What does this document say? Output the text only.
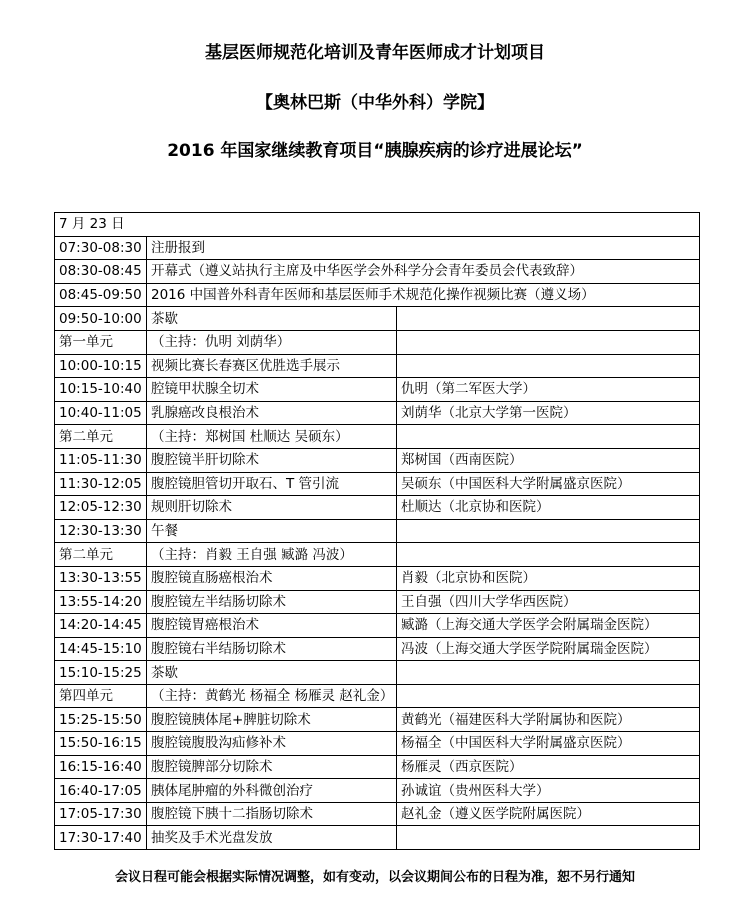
基层医师规范化培训及青年医师成才计划项目
【奥林巴斯（中华外科）学院】
2016 年国家继续教育项目“胰腺疾病的诊疗进展论坛”
7 月 23 日		
07:30-08:30	注册报到	
08:30-08:45	开幕式（遵义站执行主席及中华医学会外科学分会青年委员会代表致辞）	
08:45-09:50	2016 中国普外科青年医师和基层医师手术规范化操作视频比赛（遵义场）	
09:50-10:00	茶歇	
第一单元	（主持：仇明 刘荫华）	
10:00-10:15	视频比赛长春赛区优胜选手展示	
10:15-10:40	腔镜甲状腺全切术	仇明（第二军医大学）
10:40-11:05	乳腺癌改良根治术	刘荫华（北京大学第一医院）
第二单元	（主持：郑树国 杜顺达 吴硕东）	
11:05-11:30	腹腔镜半肝切除术	郑树国（西南医院）
11:30-12:05	腹腔镜胆管切开取石、T 管引流	吴硕东（中国医科大学附属盛京医院）
12:05-12:30	规则肝切除术	杜顺达（北京协和医院）
12:30-13:30	午餐	
第二单元	（主持：肖毅 王自强 臧潞 冯波）	
13:30-13:55	腹腔镜直肠癌根治术	肖毅（北京协和医院）
13:55-14:20	腹腔镜左半结肠切除术	王自强（四川大学华西医院）
14:20-14:45	腹腔镜胃癌根治术	臧潞（上海交通大学医学会附属瑞金医院）
14:45-15:10	腹腔镜右半结肠切除术	冯波（上海交通大学医学院附属瑞金医院）
15:10-15:25	茶歇	
第四单元	（主持：黄鹤光 杨福全 杨雁灵 赵礼金）	
15:25-15:50	腹腔镜胰体尾+脾脏切除术	黄鹤光（福建医科大学附属协和医院）
15:50-16:15	腹腔镜腹股沟疝修补术	杨福全（中国医科大学附属盛京医院）
16:15-16:40	腹腔镜脾部分切除术	杨雁灵（西京医院）
16:40-17:05	胰体尾肿瘤的外科微创治疗	孙诚谊（贵州医科大学）
17:05-17:30	腹腔镜下胰十二指肠切除术	赵礼金（遵义医学院附属医院）
17:30-17:40	抽奖及手术光盘发放	
会议日程可能会根据实际情况调整，如有变动，以会议期间公布的日程为准，恕不另行通知
